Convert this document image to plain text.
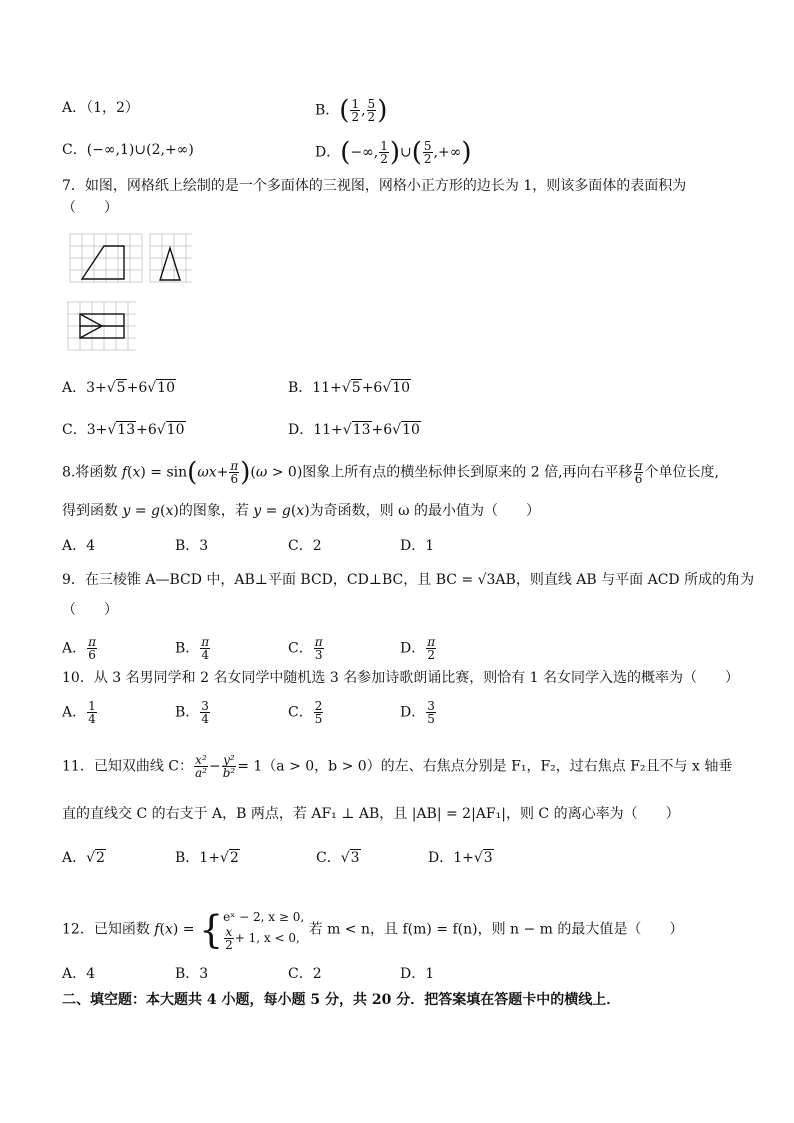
A．（1，2）	B．( $\frac{1}{2}$ , $\frac{5}{2}$ )
C．(−∞,1)∪(2,+∞)	D．(−∞, $\frac{1}{2}$ )∪( $\frac{5}{2}$ ,+∞)
7．如图，网格纸上绘制的是一个多面体的三视图，网格小正方形的边长为 1，则该多面体的表面积为
（　　）
A．3+√5+6√10	B．11+√5+6√10
C．3+√13+6√10	D．11+√13+6√10
8.将函数 $f(x) = \sin(\omega x+ \frac{\pi}{6} )(\omega > 0)$图象上所有点的横坐标伸长到原来的 2 倍,再向右平移 $\frac{\pi}{6}$ 个单位长度,
得到函数 y = g(x)的图象，若 y = g(x)为奇函数，则 ω 的最小值为（　　）
A．4	B．3	C．2	D．1
9．在三棱锥 A—BCD 中，AB⊥平面 BCD，CD⊥BC，且 BC = √3AB，则直线 AB 与平面 ACD 所成的角为
（　　）
A． $\frac{\pi}{6}$	B． $\frac{\pi}{4}$	C． $\frac{\pi}{3}$	D． $\frac{\pi}{2}$
10．从 3 名男同学和 2 名女同学中随机选 3 名参加诗歌朗诵比赛，则恰有 1 名女同学入选的概率为（　　）
A． $\frac{1}{4}$	B． $\frac{3}{4}$	C． $\frac{2}{5}$	D． $\frac{3}{5}$
11．已知双曲线 C： $\frac{\text{x²}}{\text{a²}} - \frac{\text{y²}}{\text{b²}} = 1(a > 0$，b > 0）的左、右焦点分别是 F₁，F₂，过右焦点 F₂且不与 x 轴垂
直的直线交 C 的右支于 A，B 两点，若 AF₁ ⊥ AB，且 |AB| = 2|AF₁|，则 C 的离心率为（　　）
A．√2	B．1+√2	C．√3	D．1+√3
12．已知函数 f(x) = {eˣ − 2, x ≥ 0,

$\frac{x}{2} + 1$, x < 0, 若 m < n，且 f(m) = f(n)，则 n − m 的最大值是（　　）
A．4	B．3	C．2	D．1
二、填空题：本大题共 4 小题，每小题 5 分，共 20 分．把答案填在答题卡中的横线上．
